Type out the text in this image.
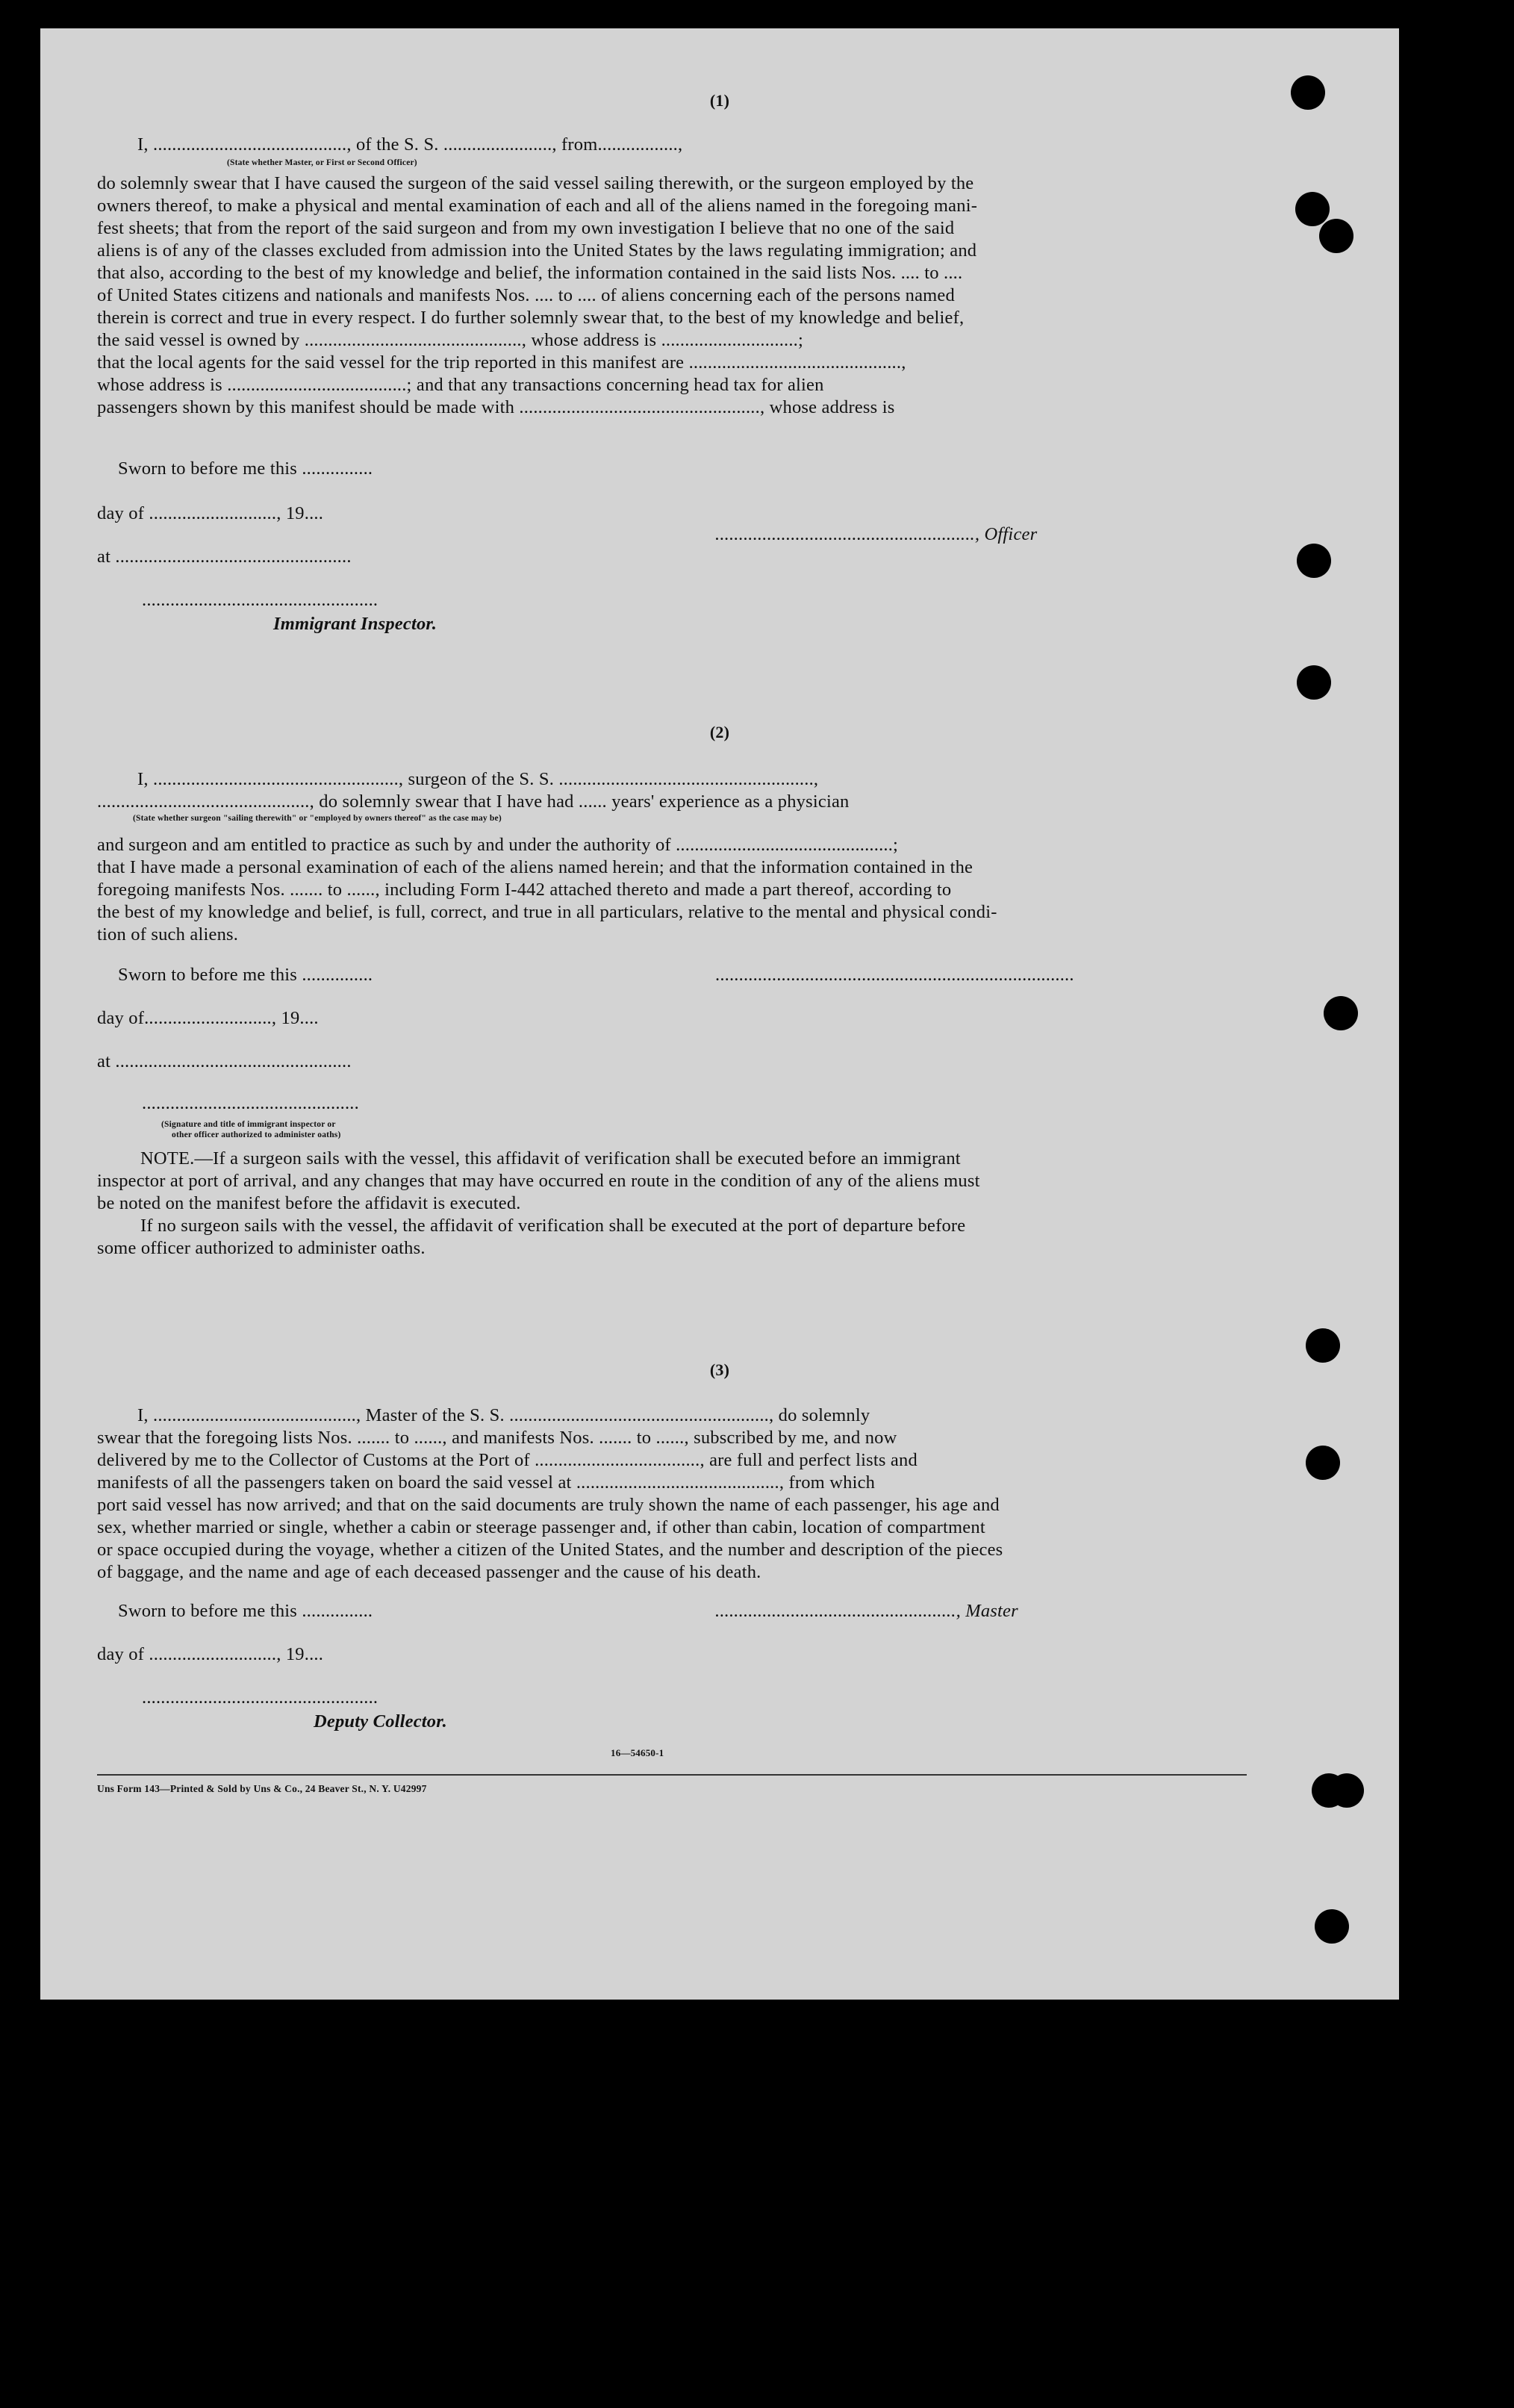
(1)
I, ........................................., of the S. S. ......................., from.................,
(State whether Master, or First or Second Officer)
do solemnly swear that I have caused the surgeon of the said vessel sailing therewith, or the surgeon employed by the
owners thereof, to make a physical and mental examination of each and all of the aliens named in the foregoing mani-
fest sheets; that from the report of the said surgeon and from my own investigation I believe that no one of the said
aliens is of any of the classes excluded from admission into the United States by the laws regulating immigration; and
that also, according to the best of my knowledge and belief, the information contained in the said lists Nos. .... to ....
of United States citizens and nationals and manifests Nos. .... to .... of aliens concerning each of the persons named
therein is correct and true in every respect. I do further solemnly swear that, to the best of my knowledge and belief,
the said vessel is owned by .............................................., whose address is .............................;
that the local agents for the said vessel for the trip reported in this manifest are .............................................,
whose address is ......................................; and that any transactions concerning head tax for alien
passengers shown by this manifest should be made with ..................................................., whose address is
Sworn to before me this ...............
day of ..........................., 19....
at ..................................................
..................................................
Immigrant Inspector.
......................................................., Officer
(2)
I, ...................................................., surgeon of the S. S. ......................................................,
............................................., do solemnly swear that I have had ...... years' experience as a physician
(State whether surgeon "sailing therewith" or "employed by owners thereof" as the case may be)
and surgeon and am entitled to practice as such by and under the authority of ..............................................;
that I have made a personal examination of each of the aliens named herein; and that the information contained in the
foregoing manifests Nos. ....... to ......, including Form I-442 attached thereto and made a part thereof, according to
the best of my knowledge and belief, is full, correct, and true in all particulars, relative to the mental and physical condi-
tion of such aliens.
Sworn to before me this ...............	............................................................................
day of..........................., 19....
at ..................................................
..............................................
(Signature and title of immigrant inspector or
other officer authorized to administer oaths)
NOTE.—If a surgeon sails with the vessel, this affidavit of verification shall be executed before an immigrant
inspector at port of arrival, and any changes that may have occurred en route in the condition of any of the aliens must
be noted on the manifest before the affidavit is executed.
If no surgeon sails with the vessel, the affidavit of verification shall be executed at the port of departure before
some officer authorized to administer oaths.
(3)
I, ..........................................., Master of the S. S. ......................................................., do solemnly
swear that the foregoing lists Nos. ....... to ......, and manifests Nos. ....... to ......, subscribed by me, and now
delivered by me to the Collector of Customs at the Port of ..................................., are full and perfect lists and
manifests of all the passengers taken on board the said vessel at ..........................................., from which
port said vessel has now arrived; and that on the said documents are truly shown the name of each passenger, his age and
sex, whether married or single, whether a cabin or steerage passenger and, if other than cabin, location of compartment
or space occupied during the voyage, whether a citizen of the United States, and the number and description of the pieces
of baggage, and the name and age of each deceased passenger and the cause of his death.
Sworn to before me this ...............	..................................................., Master
day of ..........................., 19....
..................................................
Deputy Collector.
16—54650-1
Uns Form 143—Printed & Sold by Uns & Co., 24 Beaver St., N. Y. U42997
